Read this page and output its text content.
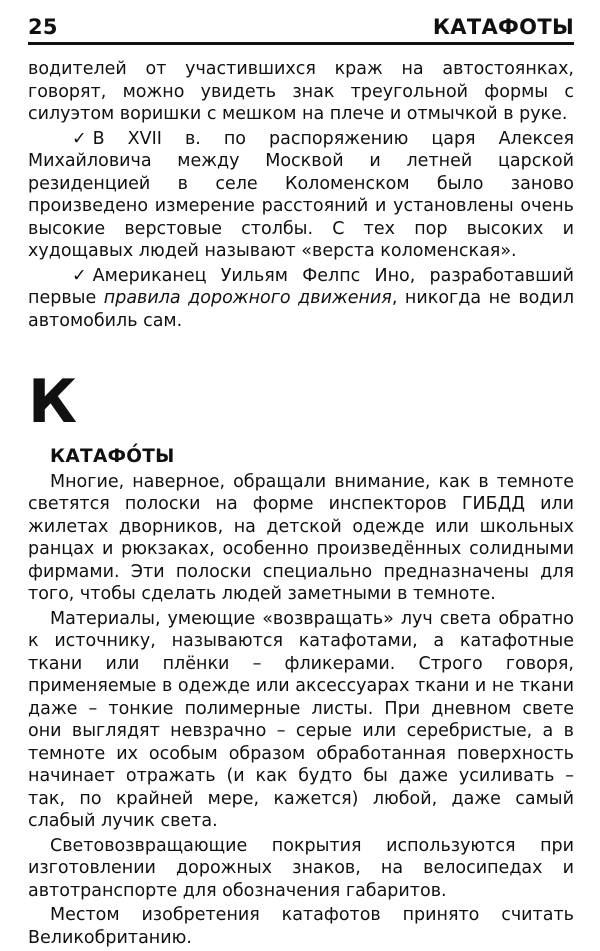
25	КАТАФОТЫ

водителей от участившихся краж на автостоянках, говорят, можно увидеть знак треугольной формы с силуэтом воришки с мешком на плече и отмычкой в руке.

✓ В XVII в. по распоряжению царя Алексея Михайловича между Москвой и летней царской резиденцией в селе Коломенском было заново произведено измерение расстояний и установлены очень высокие верстовые столбы. С тех пор высоких и худощавых людей называют «верста коломенская».

✓ Американец Уильям Фелпс Ино, разработавший первые правила дорожного движения, никогда не водил автомобиль сам.

К
КАТАФО́ТЫ

Многие, наверное, обращали внимание, как в темноте светятся полоски на форме инспекторов ГИБДД или жилетах дворников, на детской одежде или школьных ранцах и рюкзаках, особенно произведённых солидными фирмами. Эти полоски специально предназначены для того, чтобы сделать людей заметными в темноте.

Материалы, умеющие «возвращать» луч света обратно к источнику, называются катафотами, а катафотные ткани или плёнки – фликерами. Строго говоря, применяемые в одежде или аксессуарах ткани и не ткани даже – тонкие полимерные листы. При дневном свете они выглядят невзрачно – серые или серебристые, а в темноте их особым образом обработанная поверхность начинает отражать (и как будто бы даже усиливать – так, по крайней мере, кажется) любой, даже самый слабый лучик света.

Световозвращающие покрытия используются при изготовлении дорожных знаков, на велосипедах и автотранспорте для обозначения габаритов.

Местом изобретения катафотов принято считать Великобританию.
